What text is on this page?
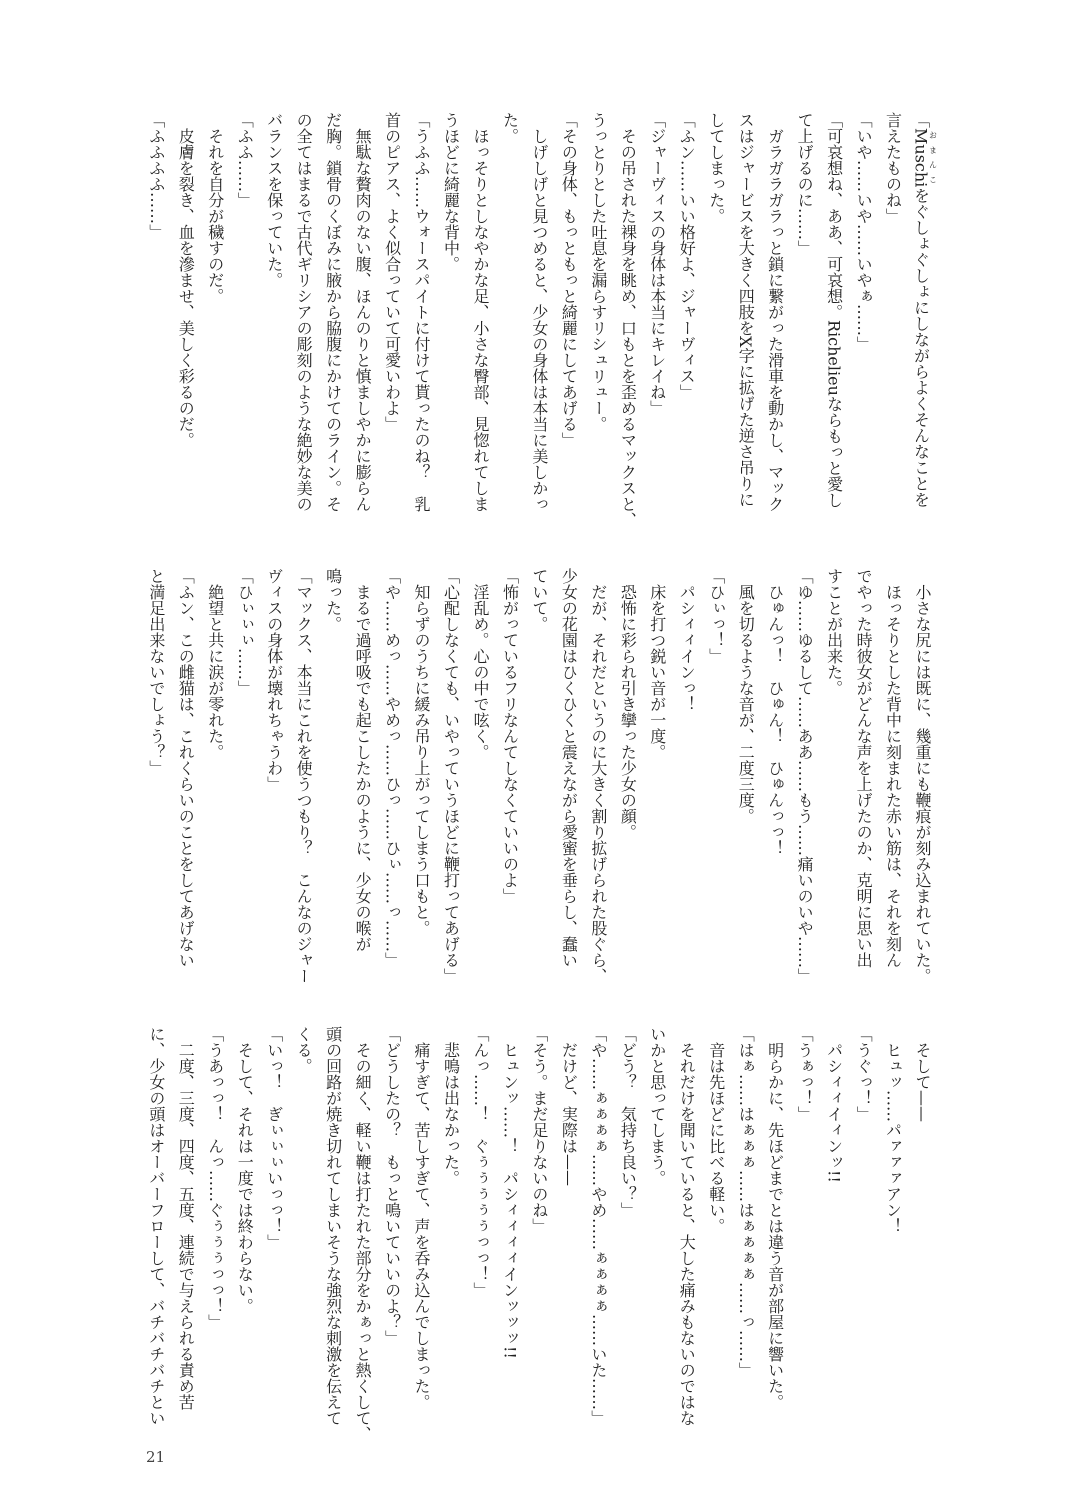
「Muschiおまんこをぐしょぐしょにしながらよくそんなことを
言えたものね」
「いや……いや……いやぁ……」
「可哀想ね、ああ、可哀想。Richelieuならもっと愛し
て上げるのに……」
　ガラガラガラっと鎖に繋がった滑車を動かし、マック
スはジャービスを大きく四肢をX字に拡げた逆さ吊りに
してしまった。
「ふン……いい格好よ、ジャーヴィス」
「ジャーヴィスの身体は本当にキレイね」
　その吊された裸身を眺め、口もとを歪めるマックスと、
うっとりとした吐息を漏らすリシュリュー。
「その身体、もっともっと綺麗にしてあげる」
　しげしげと見つめると、少女の身体は本当に美しかっ
た。
　ほっそりとしなやかな足、小さな臀部、見惚れてしま
うほどに綺麗な背中。
「うふふ……ウォースパイトに付けて貰ったのね？　乳
首のピアス、よく似合っていて可愛いわよ」
　無駄な贅肉のない腹、ほんのりと慎ましやかに膨らん
だ胸。鎖骨のくぼみに腋から脇腹にかけてのライン。そ
の全てはまるで古代ギリシアの彫刻のような絶妙な美の
バランスを保っていた。
「ふふ……」
　それを自分が穢すのだ。
　皮膚を裂き、血を滲ませ、美しく彩るのだ。
「ふふふふ……」
　小さな尻には既に、幾重にも鞭痕が刻み込まれていた。
　ほっそりとした背中に刻まれた赤い筋は、それを刻ん
でやった時彼女がどんな声を上げたのか、克明に思い出
すことが出来た。
「ゆ……ゆるして……ああ……もう……痛いのいや……」
　ひゅんっ！　ひゅん！　ひゅんっっ！
　風を切るような音が、二度三度。
「ひぃっ！」
　パシィィインっ！
　床を打つ鋭い音が一度。
　恐怖に彩られ引き攣った少女の顔。
　だが、それだというのに大きく割り拡げられた股ぐら、
少女の花園はひくひくと震えながら愛蜜を垂らし、蠢い
ていて。
「怖がっているフリなんてしなくていいのよ」
　淫乱め。心の中で呟く。
「心配しなくても、いやっていうほどに鞭打ってあげる」
　知らずのうちに緩み吊り上がってしまう口もと。
「や……めっ……やめっ……ひっ……ひぃ……っ……」
　まるで過呼吸でも起こしたかのように、少女の喉が
鳴った。
「マックス、本当にこれを使うつもり？　こんなのジャー
ヴィスの身体が壊れちゃうわ」
「ひぃぃぃ……」
　絶望と共に涙が零れた。
「ふン、この雌猫は、これくらいのことをしてあげない
と満足出来ないでしょう？」
　そして——
　ヒュッ……パァァァアン！
「うぐっ！」
　パシィィイィンッ!!
「うぁっ！」
　明らかに、先ほどまでとは違う音が部屋に響いた。
「はぁ……はぁぁぁ……はぁぁぁぁ……っ……」
　音は先ほどに比べる軽い。
　それだけを聞いていると、大した痛みもないのではな
いかと思ってしまう。
「どう？　気持ち良い？」
「や……ぁぁぁぁ……やめ……ぁぁぁぁ……いた……」
　だけど、実際は——
「そう。まだ足りないのね」
　ヒュンッ……！　パシィィィィインッッッ!!
「んっ……！　ぐぅぅぅぅぅっっ！」
　悲鳴は出なかった。
　痛すぎて、苦しすぎて、声を呑み込んでしまった。
「どうしたの？　もっと鳴いていいのよ？」
　その細く、軽い鞭は打たれた部分をかぁっと熱くして、
頭の回路が焼き切れてしまいそうな強烈な刺激を伝えて
くる。
「いっ！　ぎぃぃぃいっっ！」
　そして、それは一度では終わらない。
「うあっっ！　んっ……ぐぅぅぅっっ！」
　二度、三度、四度、五度、連続で与えられる責め苦
に、少女の頭はオーバーフローして、バチバチバチとい
21
